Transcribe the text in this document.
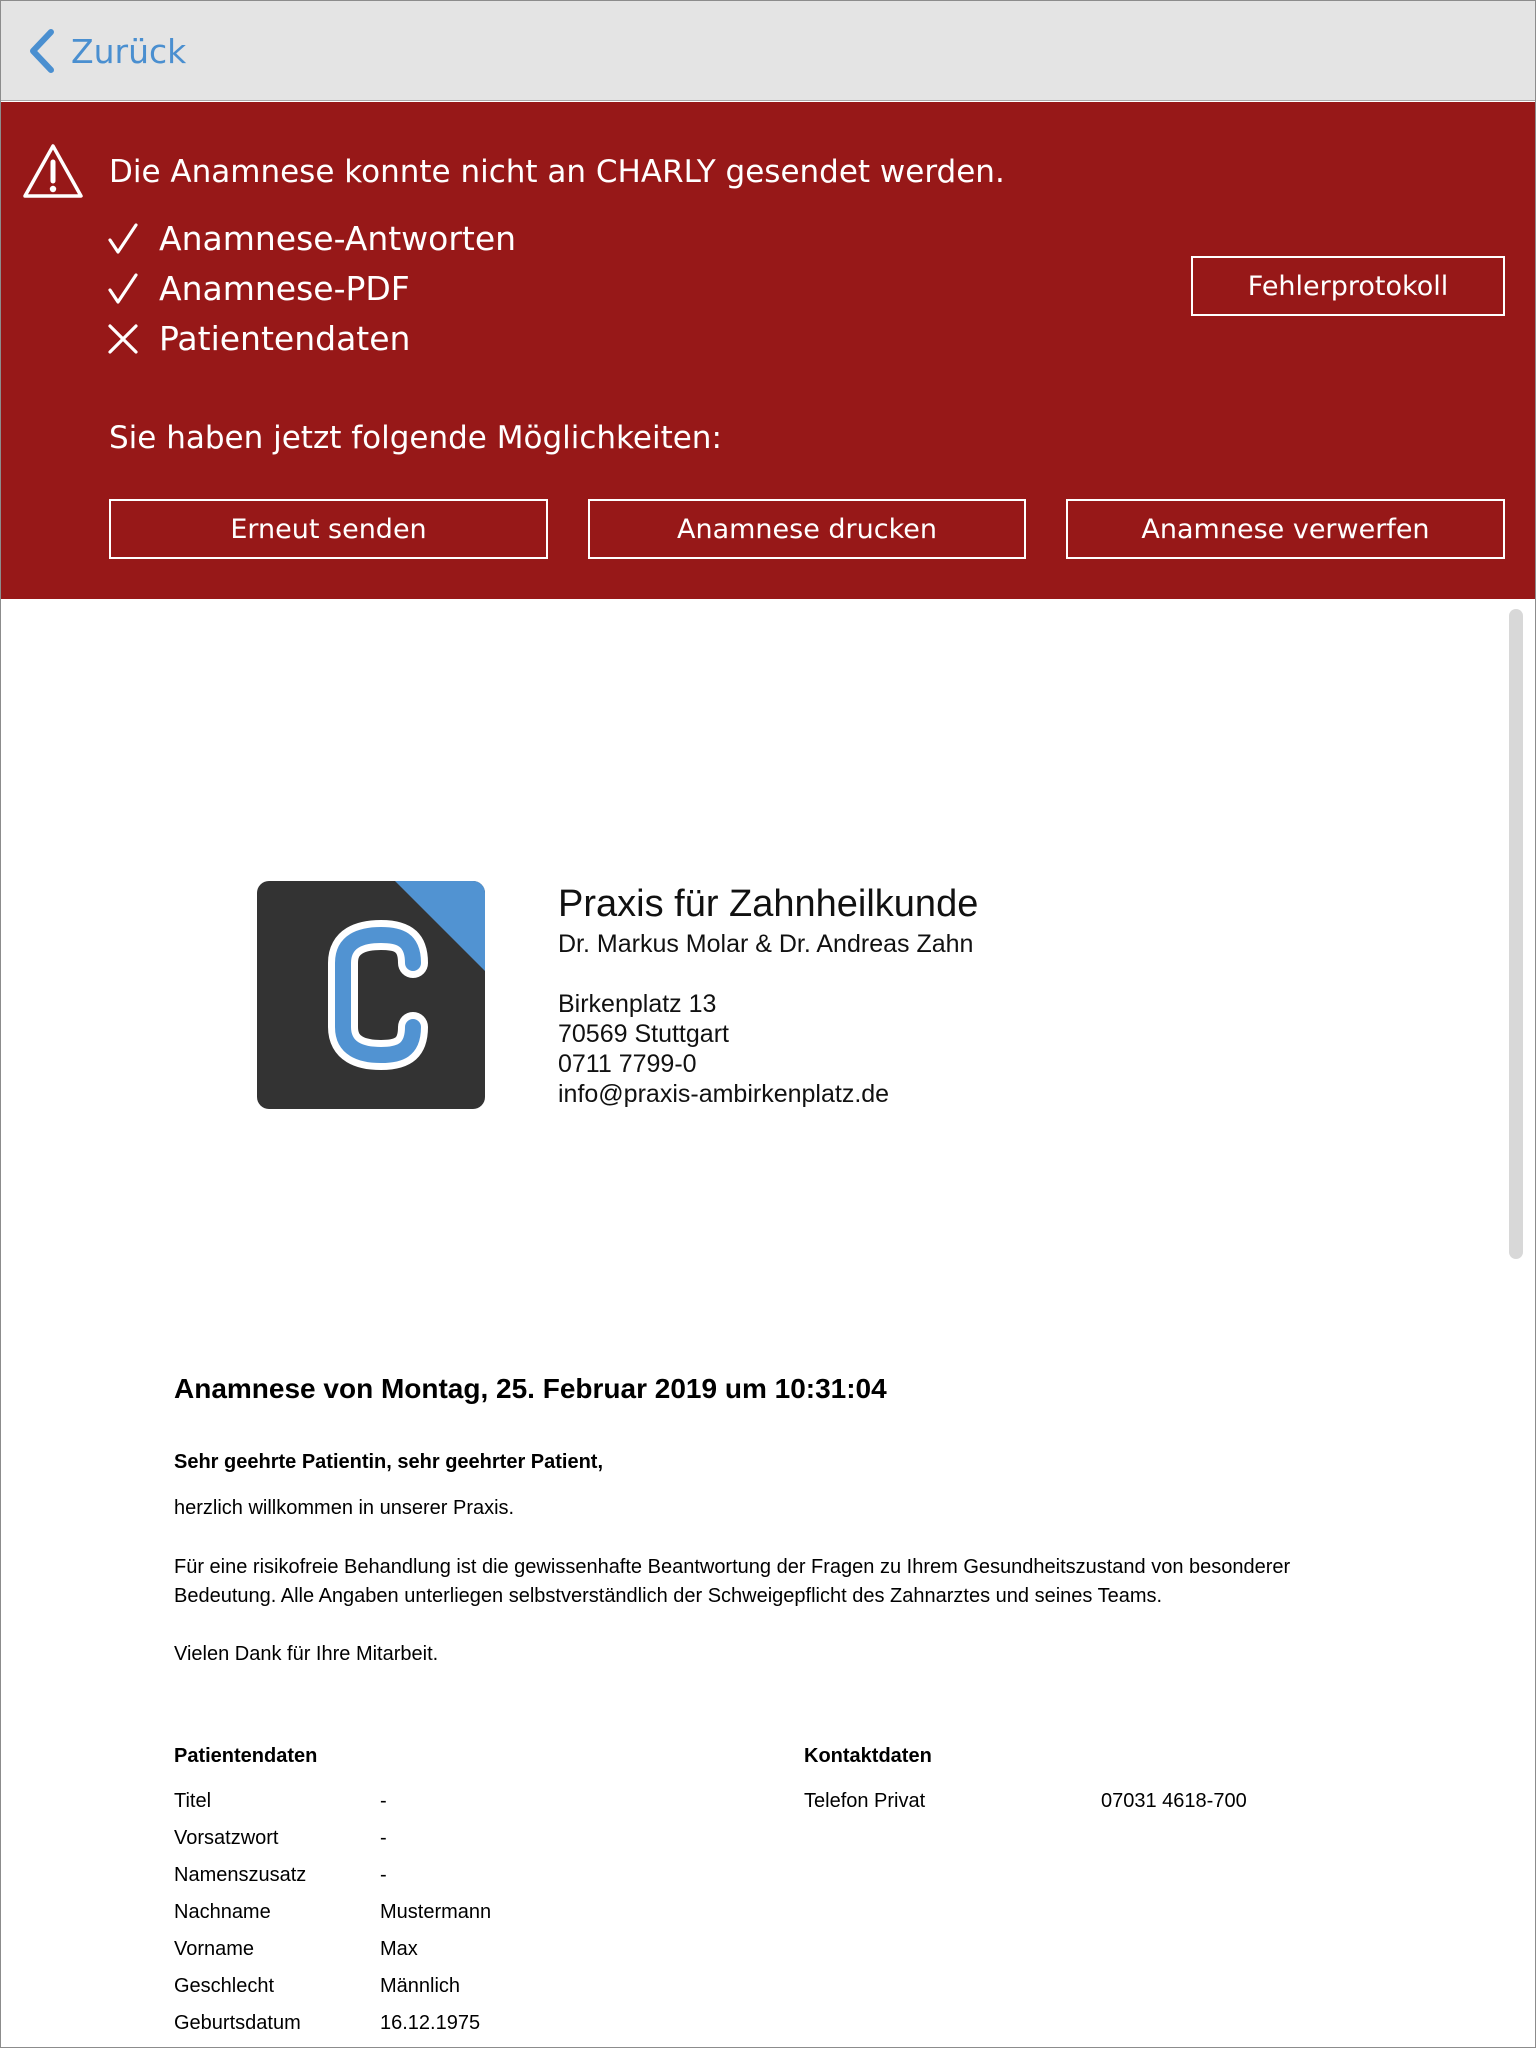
Zurück
Die Anamnese konnte nicht an CHARLY gesendet werden.
Anamnese-Antworten
Anamnese-PDF
Patientendaten
Fehlerprotokoll
Sie haben jetzt folgende Möglichkeiten:
Erneut senden	Anamnese drucken	Anamnese verwerfen
Praxis für Zahnheilkunde
Dr. Markus Molar & Dr. Andreas Zahn
Birkenplatz 13
70569 Stuttgart
0711 7799-0
info@praxis-ambirkenplatz.de
Anamnese von Montag, 25. Februar 2019 um 10:31:04
Sehr geehrte Patientin, sehr geehrter Patient,
herzlich willkommen in unserer Praxis.
Für eine risikofreie Behandlung ist die gewissenhafte Beantwortung der Fragen zu Ihrem Gesundheitszustand von besonderer Bedeutung. Alle Angaben unterliegen selbstverständlich der Schweigepflicht des Zahnarztes und seines Teams.
Vielen Dank für Ihre Mitarbeit.
Patientendaten	Kontaktdaten
Titel	-
Vorsatzwort	-
Namenszusatz	-
Nachname	Mustermann
Vorname	Max
Geschlecht	Männlich
Geburtsdatum	16.12.1975
Telefon Privat	07031 4618-700
